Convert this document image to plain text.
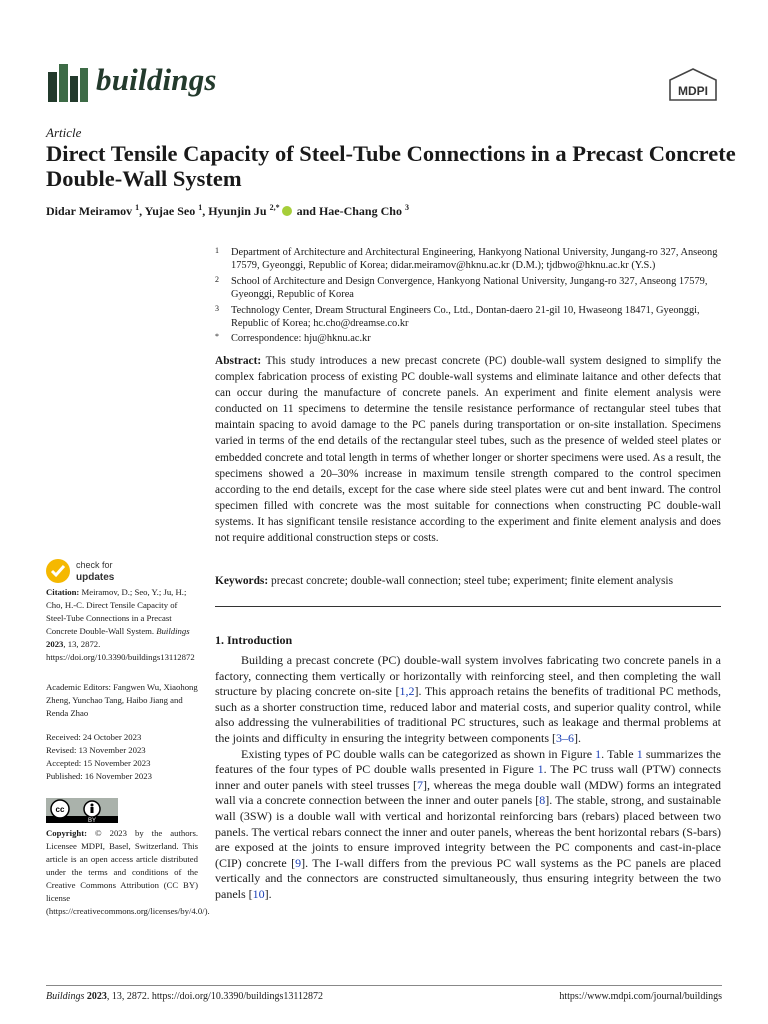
buildings	MDPI
Article
Direct Tensile Capacity of Steel-Tube Connections in a Precast Concrete Double-Wall System
Didar Meiramov $^1$, Yujae Seo $^1$, Hyunjin Ju $^{2,*}$ and Hae-Chang Cho $^3$
1 Department of Architecture and Architectural Engineering, Hankyong National University, Jungang-ro 327, Anseong 17579, Gyeonggi, Republic of Korea; didar.meiramov@hknu.ac.kr (D.M.); tjdbwo@hknu.ac.kr (Y.S.)
2 School of Architecture and Design Convergence, Hankyong National University, Jungang-ro 327, Anseong 17579, Gyeonggi, Republic of Korea
3 Technology Center, Dream Structural Engineers Co., Ltd., Dontan-daero 21-gil 10, Hwaseong 18471, Gyeonggi, Republic of Korea; hc.cho@dreamse.co.kr
* Correspondence: hju@hknu.ac.kr
Abstract: This study introduces a new precast concrete (PC) double-wall system designed to simplify the complex fabrication process of existing PC double-wall systems and eliminate laitance and other defects that can occur during the manufacture of concrete panels. An experiment and finite element analysis were conducted on 11 specimens to determine the tensile resistance performance of rectangular steel tubes that maintain spacing to avoid damage to the PC panels during transportation or on-site installation. Specimens varied in terms of the end details of the rectangular steel tubes, such as the presence of welded steel plates or embedded concrete and total length in terms of whether longer or shorter specimens were used. As a result, the specimens showed a 20–30% increase in maximum tensile strength compared to the control specimen according to the end details, except for the case where side steel plates were cut and bent inward. The control specimen filled with concrete was the most suitable for connections when constructing PC double-wall systems. It has significant tensile resistance according to the experiment and finite element analysis and does not require additional construction steps or costs.
Keywords: precast concrete; double-wall connection; steel tube; experiment; finite element analysis
1. Introduction

Building a precast concrete (PC) double-wall system involves fabricating two concrete panels in a factory, connecting them vertically or horizontally with reinforcing steel, and then completing the wall structure by placing concrete on-site [1,2]. This approach retains the benefits of traditional PC methods, such as a shorter construction time, reduced labor and material costs, and superior quality control, while also addressing the vulnerabilities of traditional PC structures, such as leakage and thermal problems at the joints and difficulty in ensuring the integrity between components [3–6].

Existing types of PC double walls can be categorized as shown in Figure 1. Table 1 summarizes the features of the four types of PC double walls presented in Figure 1. The PC truss wall (PTW) connects inner and outer panels with steel trusses [7], whereas the mega double wall (MDW) forms an integrated wall via a concrete connection between the inner and outer panels [8]. The stable, strong, and sustainable wall (3SW) is a double wall with vertical and horizontal reinforcing bars (rebars) placed between two panels. The vertical rebars connect the inner and outer panels, whereas the bent horizontal rebars (S-bars) are exposed at the joints to ensure improved integrity between the PC components and cast-in-place (CIP) concrete [9]. The I-wall differs from the previous PC wall systems as the PC panels are placed vertically and the connectors are constructed simultaneously, thus ensuring integrity between the two panels [10].

check for
updates
Citation: Meiramov, D.; Seo, Y.; Ju, H.; Cho, H.-C. Direct Tensile Capacity of Steel-Tube Connections in a Precast Concrete Double-Wall System. Buildings 2023, 13, 2872. https://doi.org/10.3390/buildings13112872
Academic Editors: Fangwen Wu, Xiaohong Zheng, Yunchao Tang, Haibo Jiang and Renda Zhao
Received: 24 October 2023
Revised: 13 November 2023
Accepted: 15 November 2023
Published: 16 November 2023
cc
BY
Copyright: © 2023 by the authors. Licensee MDPI, Basel, Switzerland. This article is an open access article distributed under the terms and conditions of the Creative Commons Attribution (CC BY) license (https://creativecommons.org/licenses/by/4.0/).
Buildings 2023, 13, 2872. https://doi.org/10.3390/buildings13112872	https://www.mdpi.com/journal/buildings
